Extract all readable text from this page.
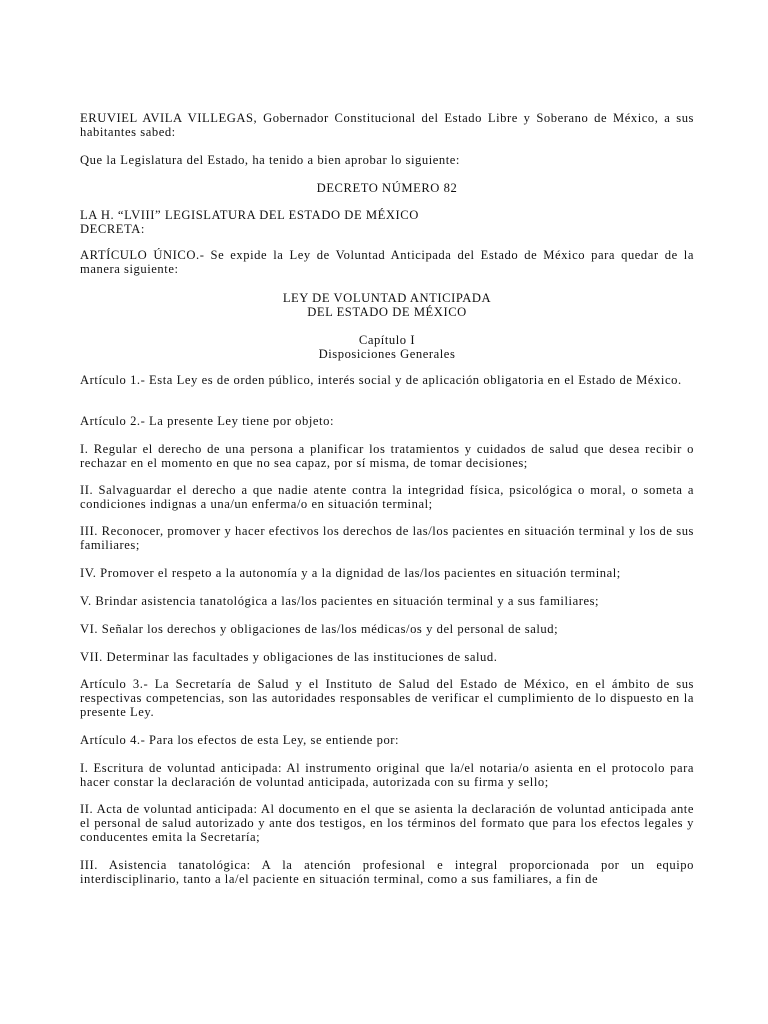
ERUVIEL AVILA VILLEGAS, Gobernador Constitucional del Estado Libre y Soberano de México, a sus habitantes sabed:

Que la Legislatura del Estado, ha tenido a bien aprobar lo siguiente:

DECRETO NÚMERO 82

LA H. “LVIII” LEGISLATURA DEL ESTADO DE MÉXICO
DECRETA:

ARTÍCULO ÚNICO.- Se expide la Ley de Voluntad Anticipada del Estado de México para quedar de la manera siguiente:

LEY DE VOLUNTAD ANTICIPADA
DEL ESTADO DE MÉXICO
Capítulo I
Disposiciones Generales

Artículo 1.- Esta Ley es de orden público, interés social y de aplicación obligatoria en el Estado de México.

Artículo 2.- La presente Ley tiene por objeto:

I. Regular el derecho de una persona a planificar los tratamientos y cuidados de salud que desea recibir o rechazar en el momento en que no sea capaz, por sí misma, de tomar decisiones;

II. Salvaguardar el derecho a que nadie atente contra la integridad física, psicológica o moral, o someta a condiciones indignas a una/un enferma/o en situación terminal;

III. Reconocer, promover y hacer efectivos los derechos de las/los pacientes en situación terminal y los de sus familiares;

IV. Promover el respeto a la autonomía y a la dignidad de las/los pacientes en situación terminal;

V. Brindar asistencia tanatológica a las/los pacientes en situación terminal y a sus familiares;

VI. Señalar los derechos y obligaciones de las/los médicas/os y del personal de salud;

VII. Determinar las facultades y obligaciones de las instituciones de salud.

Artículo 3.- La Secretaría de Salud y el Instituto de Salud del Estado de México, en el ámbito de sus respectivas competencias, son las autoridades responsables de verificar el cumplimiento de lo dispuesto en la presente Ley.

Artículo 4.- Para los efectos de esta Ley, se entiende por:

I. Escritura de voluntad anticipada: Al instrumento original que la/el notaria/o asienta en el protocolo para hacer constar la declaración de voluntad anticipada, autorizada con su firma y sello;

II. Acta de voluntad anticipada: Al documento en el que se asienta la declaración de voluntad anticipada ante el personal de salud autorizado y ante dos testigos, en los términos del formato que para los efectos legales y conducentes emita la Secretaría;

III. Asistencia tanatológica: A la atención profesional e integral proporcionada por un equipo interdisciplinario, tanto a la/el paciente en situación terminal, como a sus familiares, a fin de
